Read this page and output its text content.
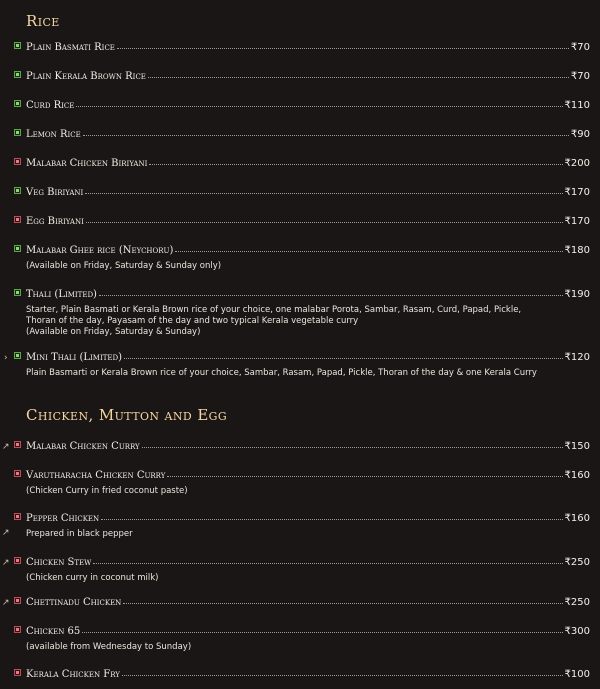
Rice
Plain Basmati Rice	₹70
Plain Kerala Brown Rice	₹70
Curd Rice	₹110
Lemon Rice	₹90
Malabar Chicken Biriyani	₹200
Veg Biriyani	₹170
Egg Biriyani	₹170
Malabar Ghee rice (Neychoru)	₹180
(Available on Friday, Saturday & Sunday only)
Thali (Limited)	₹190
Starter, Plain Basmati or Kerala Brown rice of your choice, one malabar Porota, Sambar, Rasam, Curd, Papad, Pickle,
Thoran of the day, Payasam of the day and two typical Kerala vegetable curry
(Available on Friday, Saturday & Sunday)
›	Mini Thali (Limited)	₹120
Plain Basmarti or Kerala Brown rice of your choice, Sambar, Rasam, Papad, Pickle, Thoran of the day & one Kerala Curry
Chicken, Mutton and Egg
↗ Malabar Chicken Curry	₹150
Varutharacha Chicken Curry	₹160
(Chicken Curry in fried coconut paste)
↗
Pepper Chicken	₹160
Prepared in black pepper
↗ Chicken Stew	₹250
(Chicken curry in coconut milk)
↗ Chettinadu Chicken	₹250
Chicken 65	₹300
(available from Wednesday to Sunday)
Kerala Chicken Fry	₹100
